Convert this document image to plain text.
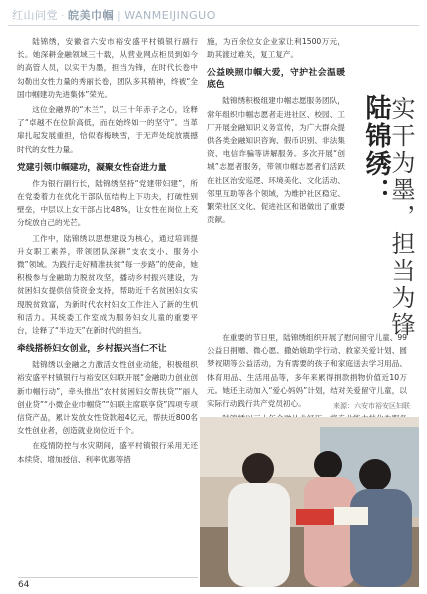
红山问党 · 皖美巾帼 | WANMEIJINGUO

陆锦绣，安徽省六安市裕安盛平村镇银行副行长。她深耕金融领域三十载，从营业网点柜员到如今的高管人员，以实干为墨，担当为锋，在时代长卷中勾勒出女性力量的秀丽长卷，团队多其精神，终被“全国巾帼建功先进集体”荣光。

这位金融界的“木兰”，以三十年赤子之心，诠释了“卓越不在位阶高低，而在始终如一的坚守”。当革扉扎起发展重担，恰似春梅映雪，于无声处绽放震撼时代的女性力量。

党建引领巾帼建功，凝聚女性奋进力量

作为银行副行长，陆锦绣坚持“党建带妇建”，所在党委着力在优化干部队伍结构上下功夫，打破性别壁垒，中层以上女干部占比48%，让女性在岗位上充分绽放自己的光芒。

工作中，陆锦绣以思想建设为核心，通过培训提升女职工素养，带领团队深耕“支农支小、服务小微”领域。为践行走好精准扶贫“每一步路”的使命，她积极参与金融助力脱贫攻坚，播动乡村振兴建设，为贫困妇女提供信贷资金支持，帮助近千名贫困妇女实现脱贫致富，为新时代农村妇女工作注入了新的生机和活力。其统委工作室成为服务妇女儿童的重要平台，诠释了“半边天”在新时代的担当。

牵线搭桥妇女创业，乡村振兴当仁不让

陆锦绣以金融之力激活女性创业动能，积极组织裕安盛平村镇银行与裕安区妇联开展“金融助力创业创新巾帼行动”，牵头推出“农村贫困妇女帮扶贷”“丽人创业贷”“小微企业巾帼贷”“妇联主席联享贷”四项专项信贷产品，累计发放女性贷款超4亿元，帮扶近800名女性创业者，创造就业岗位近千个。

在疫情防控与水灾期间，盛平村镇银行采用无还本续贷、增加授信、利率优惠等措

施，为百余位女企业家让利1500万元，助其渡过难关，复工复产。

公益映照巾帼大爱，守护社会温暖底色

陆锦绣积极组建巾帼志愿服务团队，常年组织巾帼志愿者走进社区、校园、工厂开展金融知识义务宣传，为广大群众提供各类金融知识咨询、假币识别、非法集资、电信诈骗等讲解服务。多次开展“创城”志愿者服务，带领巾帼志愿者们活跃在社区治安巡逻、环境美化、文化活动、邻里互助等各个领域，为维护社区稳定、繁荣社区文化、促进社区和谐做出了重要贡献。

在重要的节日里，陆锦绣组织开展了慰问留守儿童、99公益日捐赠、微心愿、撒始娘助学行动、救家关爱计划、圆梦衩期等公益活动，为有需要的孩子和家庭送去学习用品、体育用品、生活用品等，多年来累得捐款捐物价值近10万元。她还主动加入“爱心妈妈”计划，结对关爱留守儿童，以实际行动践行共产党员初心。

陆锦绣：
实干为墨，担当为锋
来源：六安市裕安区妇联
64
